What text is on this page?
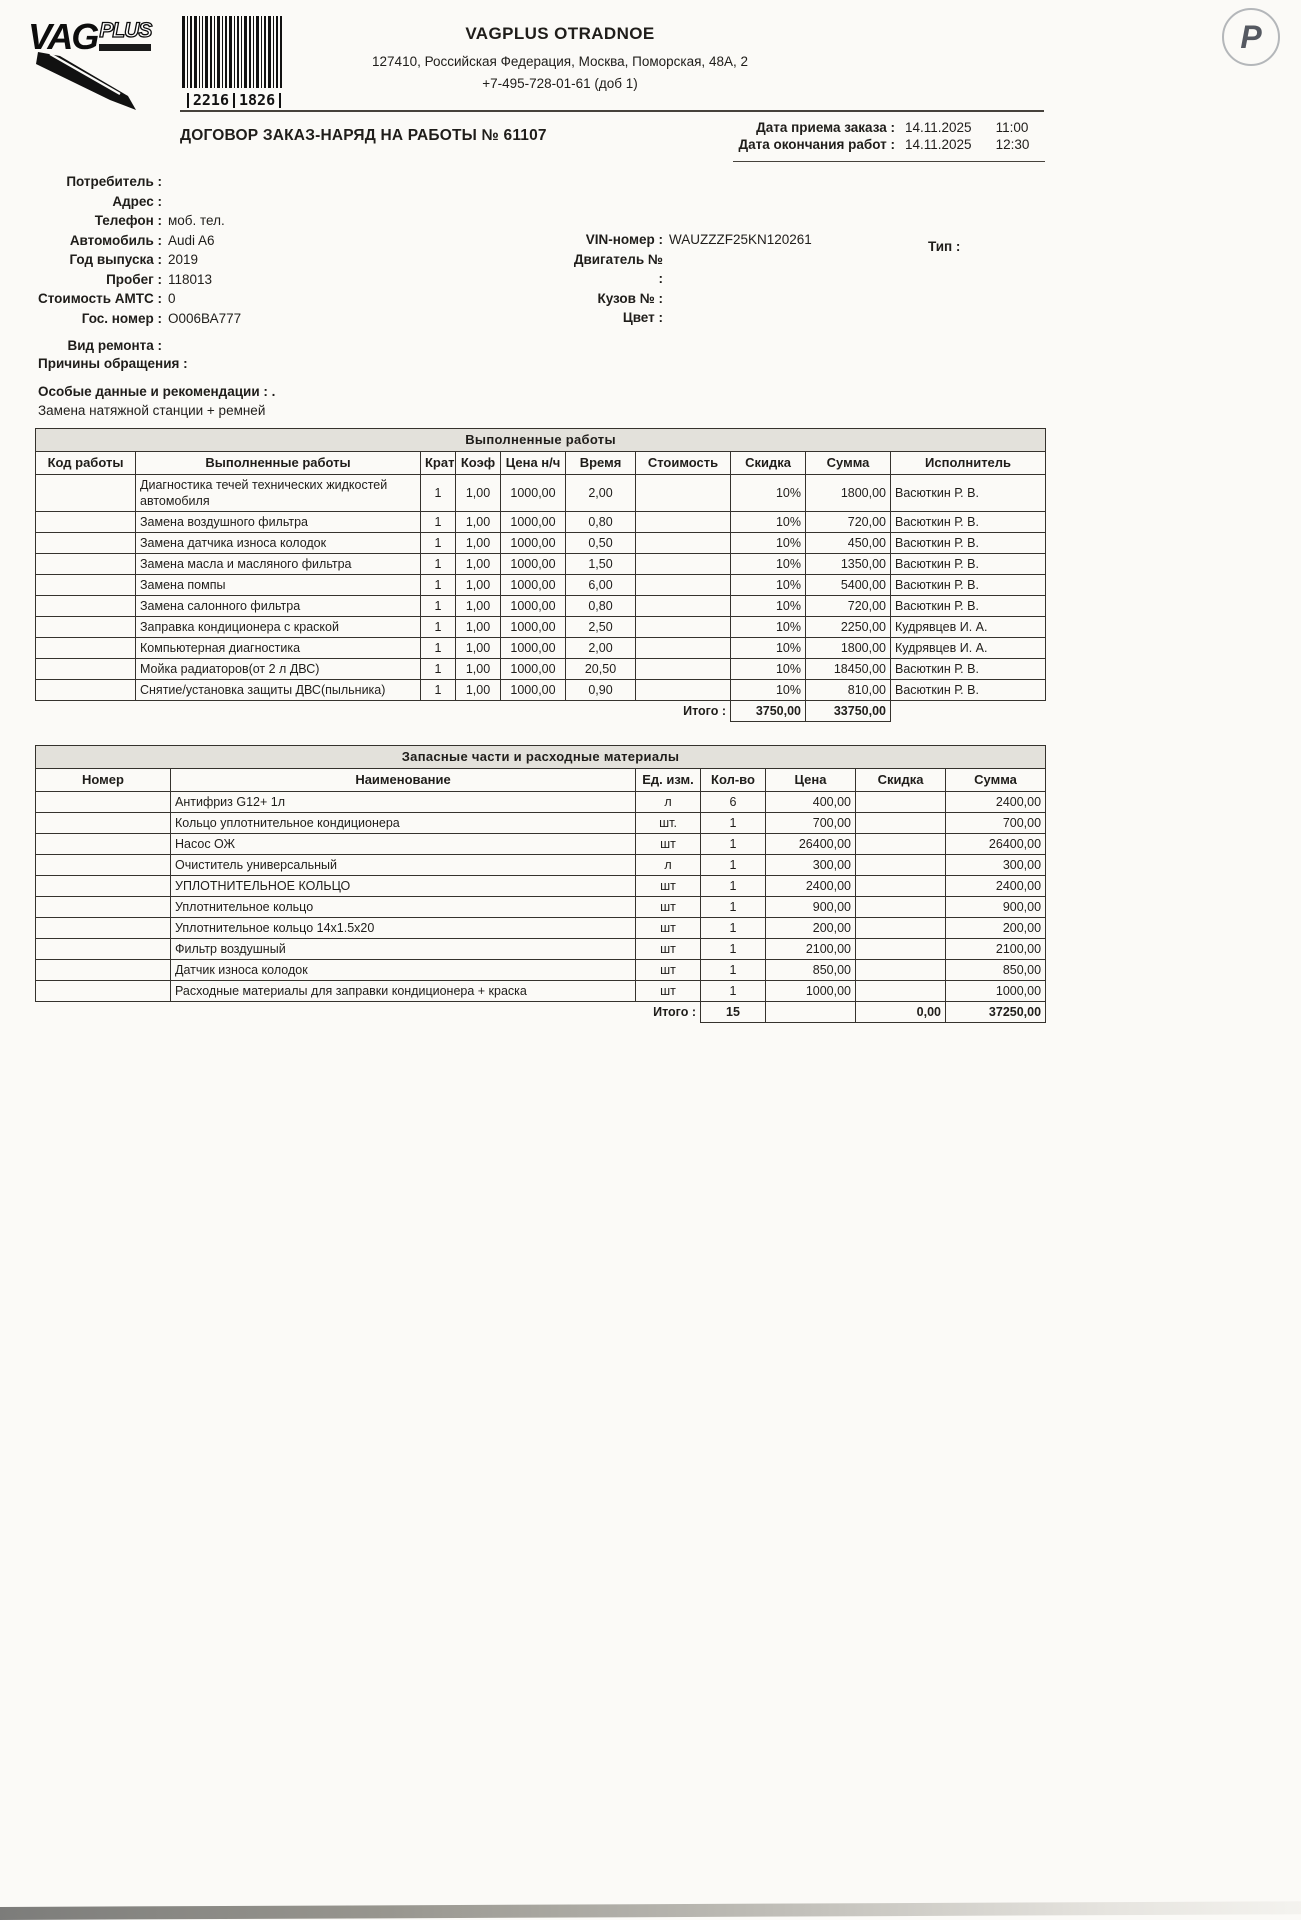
VAG PLUS
2216 1826
VAGPLUS OTRADNOE
127410, Российская Федерация, Москва, Поморская, 48А, 2
+7-495-728-01-61 (доб 1)
Р
ДОГОВОР ЗАКАЗ-НАРЯД НА РАБОТЫ № 61107	Дата приема заказа : 14.11.2025 11:00
Дата окончания работ : 14.11.2025 12:30
Потребитель :
Адрес :
Телефон : моб. тел.
Автомобиль : Audi A6
Год выпуска : 2019
Пробег : 118013
Стоимость АМТС : 0
Гос. номер : О006ВА777
Вид ремонта :
VIN-номер : WAUZZZF25KN120261
Двигатель № :
Кузов № :
Цвет :
Тип :
Причины обращения :
Особые данные и рекомендации : .
Замена натяжной станции + ремней
Выполненные работы									
Код работы	Выполненные работы	Крат	Коэф	Цена н/ч	Время	Стоимость	Скидка	Сумма	Исполнитель
	Диагностика течей технических жидкостей автомобиля	1	1,00	1000,00	2,00		10%	1800,00	Васюткин Р. В.
	Замена воздушного фильтра	1	1,00	1000,00	0,80		10%	720,00	Васюткин Р. В.
	Замена датчика износа колодок	1	1,00	1000,00	0,50		10%	450,00	Васюткин Р. В.
	Замена масла и масляного фильтра	1	1,00	1000,00	1,50		10%	1350,00	Васюткин Р. В.
	Замена помпы	1	1,00	1000,00	6,00		10%	5400,00	Васюткин Р. В.
	Замена салонного фильтра	1	1,00	1000,00	0,80		10%	720,00	Васюткин Р. В.
	Заправка кондиционера с краской	1	1,00	1000,00	2,50		10%	2250,00	Кудрявцев И. А.
	Компьютерная диагностика	1	1,00	1000,00	2,00		10%	1800,00	Кудрявцев И. А.
	Мойка радиаторов(от 2 л ДВС)	1	1,00	1000,00	20,50		10%	18450,00	Васюткин Р. В.
	Снятие/установка защиты ДВС(пыльника)	1	1,00	1000,00	0,90		10%	810,00	Васюткин Р. В.
					Итого :		3750,00	33750,00	
Запасные части и расходные материалы						
Номер	Наименование	Ед. изм.	Кол-во	Цена	Скидка	Сумма
	Антифриз G12+ 1л	л	6	400,00		2400,00
	Кольцо уплотнительное кондиционера	шт.	1	700,00		700,00
	Насос ОЖ	шт	1	26400,00		26400,00
	Очиститель универсальный	л	1	300,00		300,00
	УПЛОТНИТЕЛЬНОЕ КОЛЬЦО	шт	1	2400,00		2400,00
	Уплотнительное кольцо	шт	1	900,00		900,00
	Уплотнительное кольцо 14х1.5х20	шт	1	200,00		200,00
	Фильтр воздушный	шт	1	2100,00		2100,00
	Датчик износа колодок	шт	1	850,00		850,00
	Расходные материалы для заправки кондиционера + краска	шт	1	1000,00		1000,00
	Итого :		15		0,00	37250,00
